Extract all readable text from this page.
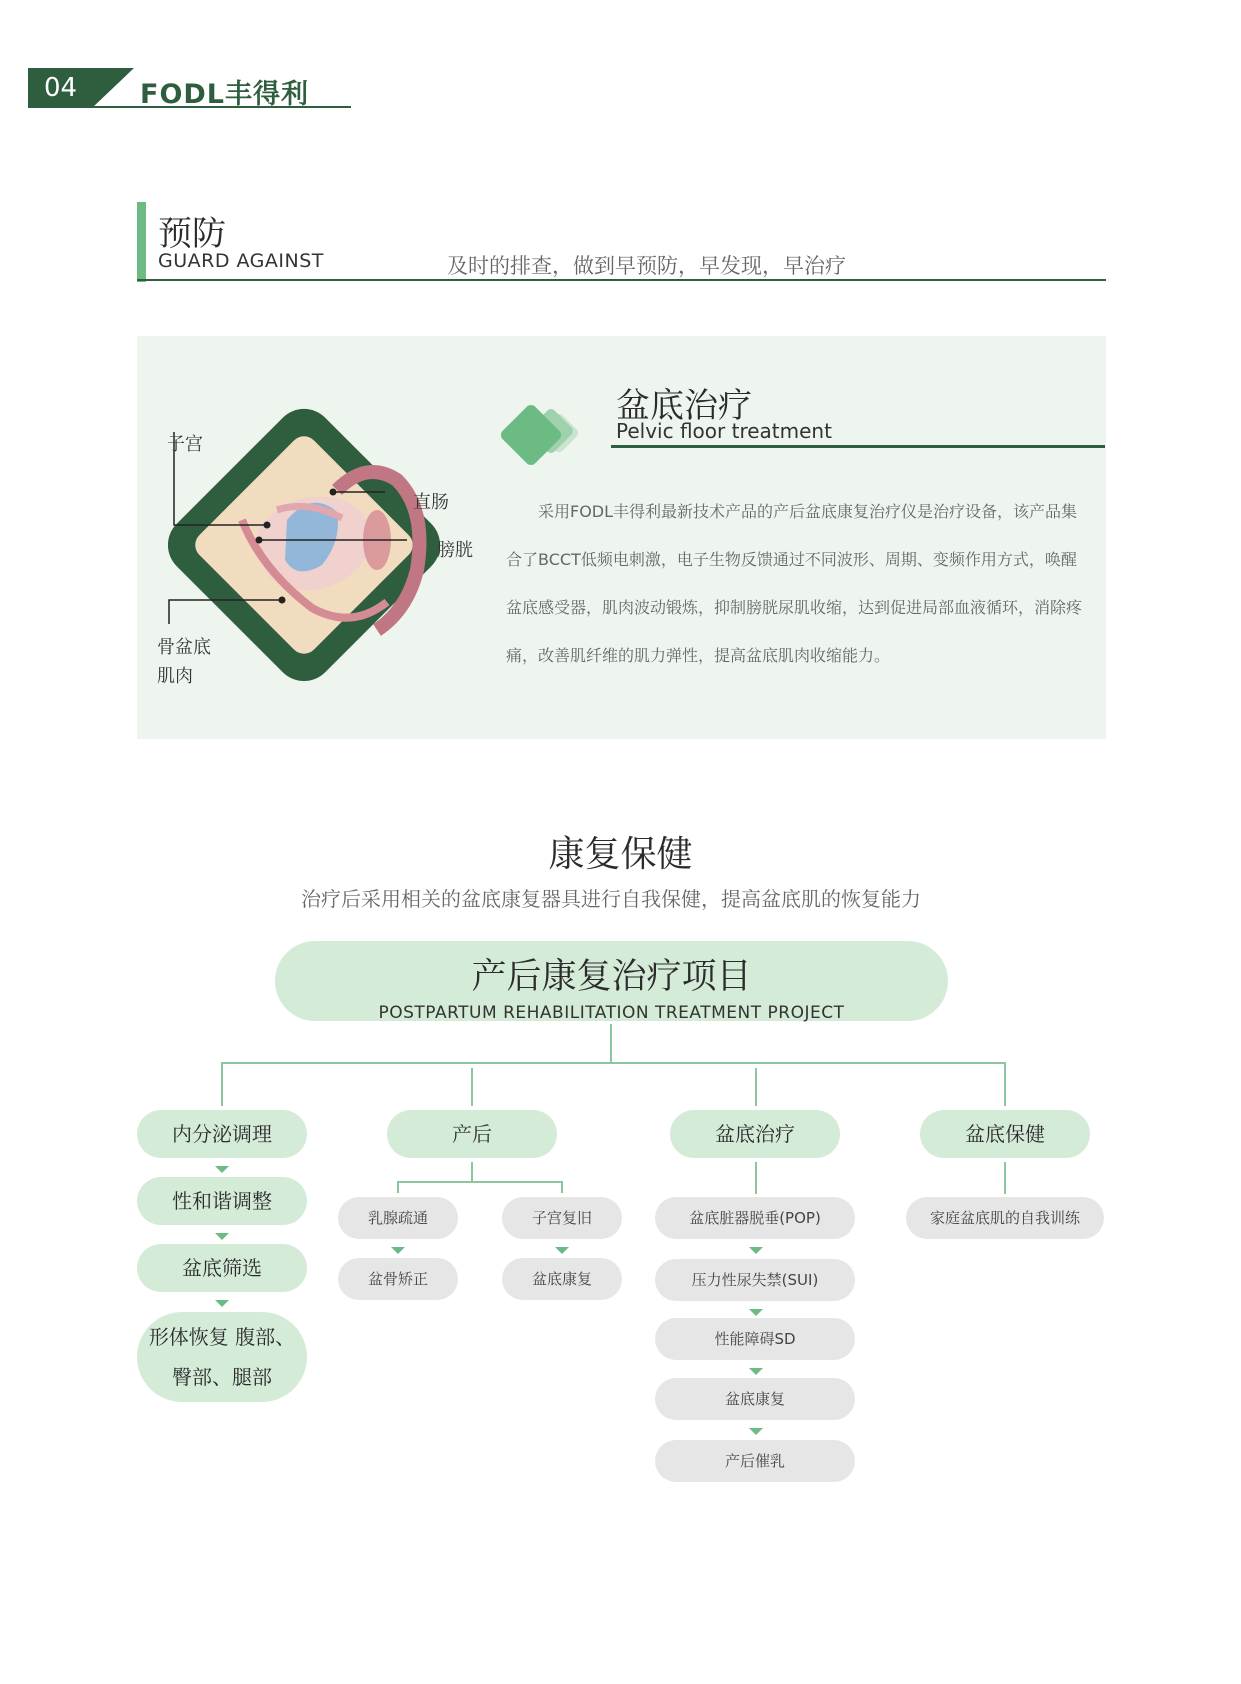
04	FODL丰得利
预防
GUARD AGAINST	及时的排查，做到早预防，早发现，早治疗
子宫
直肠
膀胱
骨盆底
肌肉
盆底治疗
Pelvic floor treatment

采用FODL丰得利最新技术产品的产后盆底康复治疗仪是治疗设备，该产品集合了BCCT低频电刺激，电子生物反馈通过不同波形、周期、变频作用方式，唤醒盆底感受器，肌肉波动锻炼，抑制膀胱尿肌收缩，达到促进局部血液循环，消除疼痛，改善肌纤维的肌力弹性，提高盆底肌肉收缩能力。

康复保健
治疗后采用相关的盆底康复器具进行自我保健，提高盆底肌的恢复能力
产后康复治疗项目
POSTPARTUM REHABILITATION TREATMENT PROJECT
内分泌调理
性和谐调整
盆底筛选
形体恢复 腹部、
臀部、腿部
产后
乳腺疏通
盆骨矫正
子宫复旧
盆底康复
盆底治疗
盆底脏器脱垂(POP)
压力性尿失禁(SUI)
性能障碍SD
盆底康复
产后催乳
盆底保健
家庭盆底肌的自我训练
